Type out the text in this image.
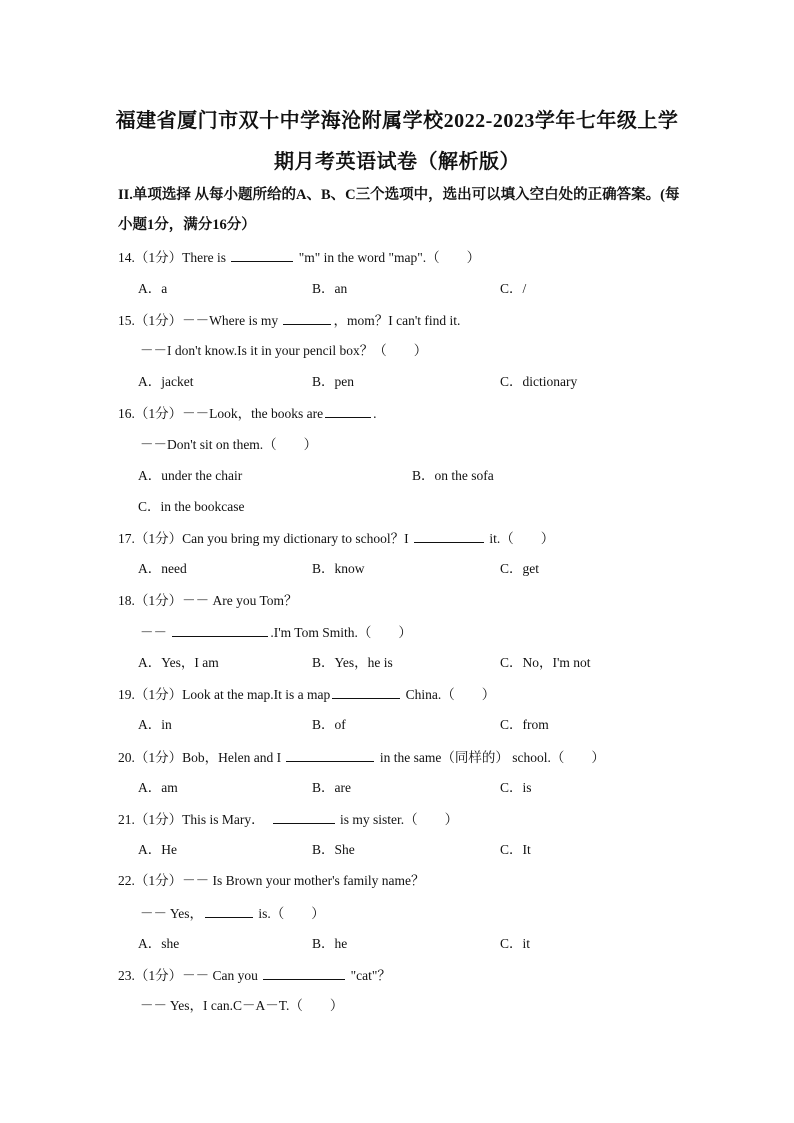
福建省厦门市双十中学海沧附属学校2022-2023学年七年级上学
期月考英语试卷（解析版）
II.单项选择 从每小题所给的A、B、C三个选项中，选出可以填入空白处的正确答案。(每小题1分，满分16分）
14.（1分）There is	"m" in the word "map".（　　）
A．a	B．an	C．/
15.（1分）－－Where is my	，mom？I can't find it.
－－I don't know.Is it in your pencil box？（　　）
A．jacket	B．pen	C．dictionary
16.（1分）－－Look，the books are	.
－－Don't sit on them.（　　）
A．under the chair	B．on the sofa
C．in the bookcase
17.（1分）Can you bring my dictionary to school？I	it.（　　）
A．need	B．know	C．get
18.（1分）－－ Are you Tom？
－－	.I'm Tom Smith.（　　）
A．Yes，I am	B．Yes，he is	C．No，I'm not
19.（1分）Look at the map.It is a map	China.（　　）
A．in	B．of	C．from
20.（1分）Bob，Helen and I	in the same（同样的） school.（　　）
A．am	B．are	C．is
21.（1分）This is Mary．	is my sister.（　　）
A．He	B．She	C．It
22.（1分）－－ Is Brown your mother's family name？
－－ Yes，	is.（　　）
A．she	B．he	C．it
23.（1分）－－ Can you	"cat"？
－－ Yes，I can.C－A－T.（　　）
